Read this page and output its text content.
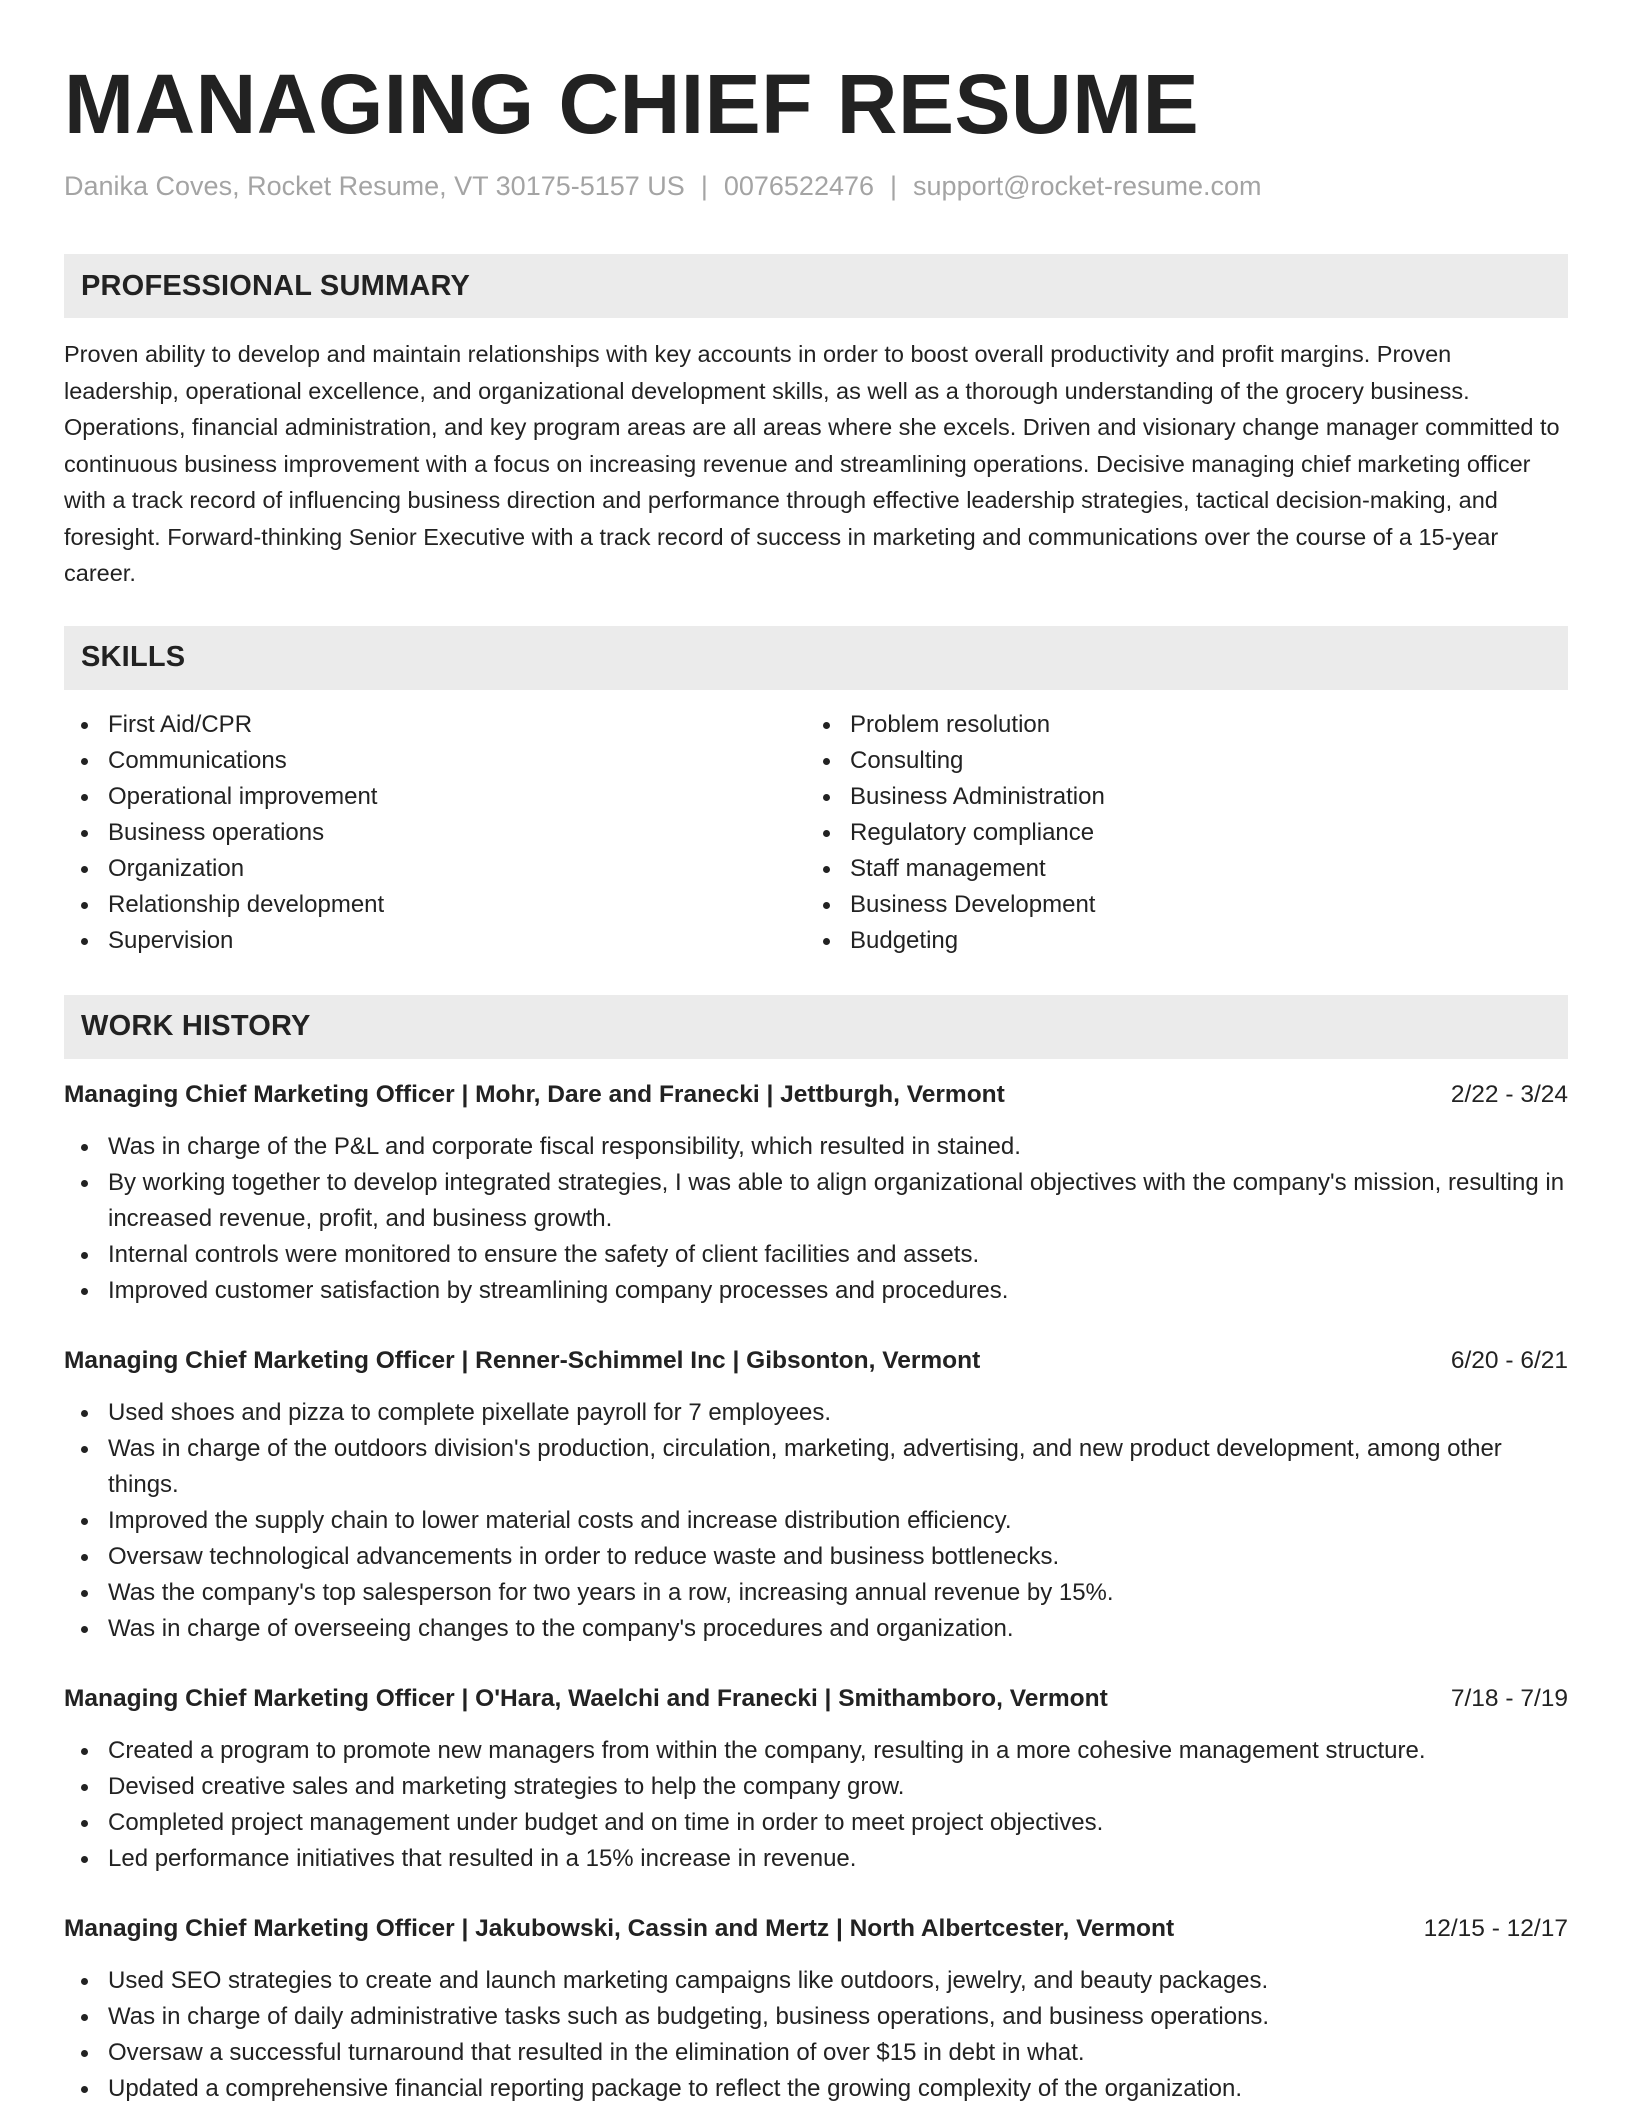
MANAGING CHIEF RESUME
Danika Coves, Rocket Resume, VT 30175-5157 US | 0076522476 | support@rocket-resume.com
PROFESSIONAL SUMMARY
Proven ability to develop and maintain relationships with key accounts in order to boost overall productivity and profit margins. Proven leadership, operational excellence, and organizational development skills, as well as a thorough understanding of the grocery business. Operations, financial administration, and key program areas are all areas where she excels. Driven and visionary change manager committed to continuous business improvement with a focus on increasing revenue and streamlining operations. Decisive managing chief marketing officer with a track record of influencing business direction and performance through effective leadership strategies, tactical decision-making, and foresight. Forward-thinking Senior Executive with a track record of success in marketing and communications over the course of a 15-year career.
SKILLS
First Aid/CPR
Communications
Operational improvement
Business operations
Organization
Relationship development
Supervision
Problem resolution
Consulting
Business Administration
Regulatory compliance
Staff management
Business Development
Budgeting
WORK HISTORY
Managing Chief Marketing Officer | Mohr, Dare and Franecki | Jettburgh, Vermont	2/22 - 3/24
Was in charge of the P&L and corporate fiscal responsibility, which resulted in stained.
By working together to develop integrated strategies, I was able to align organizational objectives with the company's mission, resulting in increased revenue, profit, and business growth.
Internal controls were monitored to ensure the safety of client facilities and assets.
Improved customer satisfaction by streamlining company processes and procedures.
Managing Chief Marketing Officer | Renner-Schimmel Inc | Gibsonton, Vermont	6/20 - 6/21
Used shoes and pizza to complete pixellate payroll for 7 employees.
Was in charge of the outdoors division's production, circulation, marketing, advertising, and new product development, among other things.
Improved the supply chain to lower material costs and increase distribution efficiency.
Oversaw technological advancements in order to reduce waste and business bottlenecks.
Was the company's top salesperson for two years in a row, increasing annual revenue by 15%.
Was in charge of overseeing changes to the company's procedures and organization.
Managing Chief Marketing Officer | O'Hara, Waelchi and Franecki | Smithamboro, Vermont	7/18 - 7/19
Created a program to promote new managers from within the company, resulting in a more cohesive management structure.
Devised creative sales and marketing strategies to help the company grow.
Completed project management under budget and on time in order to meet project objectives.
Led performance initiatives that resulted in a 15% increase in revenue.
Managing Chief Marketing Officer | Jakubowski, Cassin and Mertz | North Albertcester, Vermont	12/15 - 12/17
Used SEO strategies to create and launch marketing campaigns like outdoors, jewelry, and beauty packages.
Was in charge of daily administrative tasks such as budgeting, business operations, and business operations.
Oversaw a successful turnaround that resulted in the elimination of over $15 in debt in what.
Updated a comprehensive financial reporting package to reflect the growing complexity of the organization.
